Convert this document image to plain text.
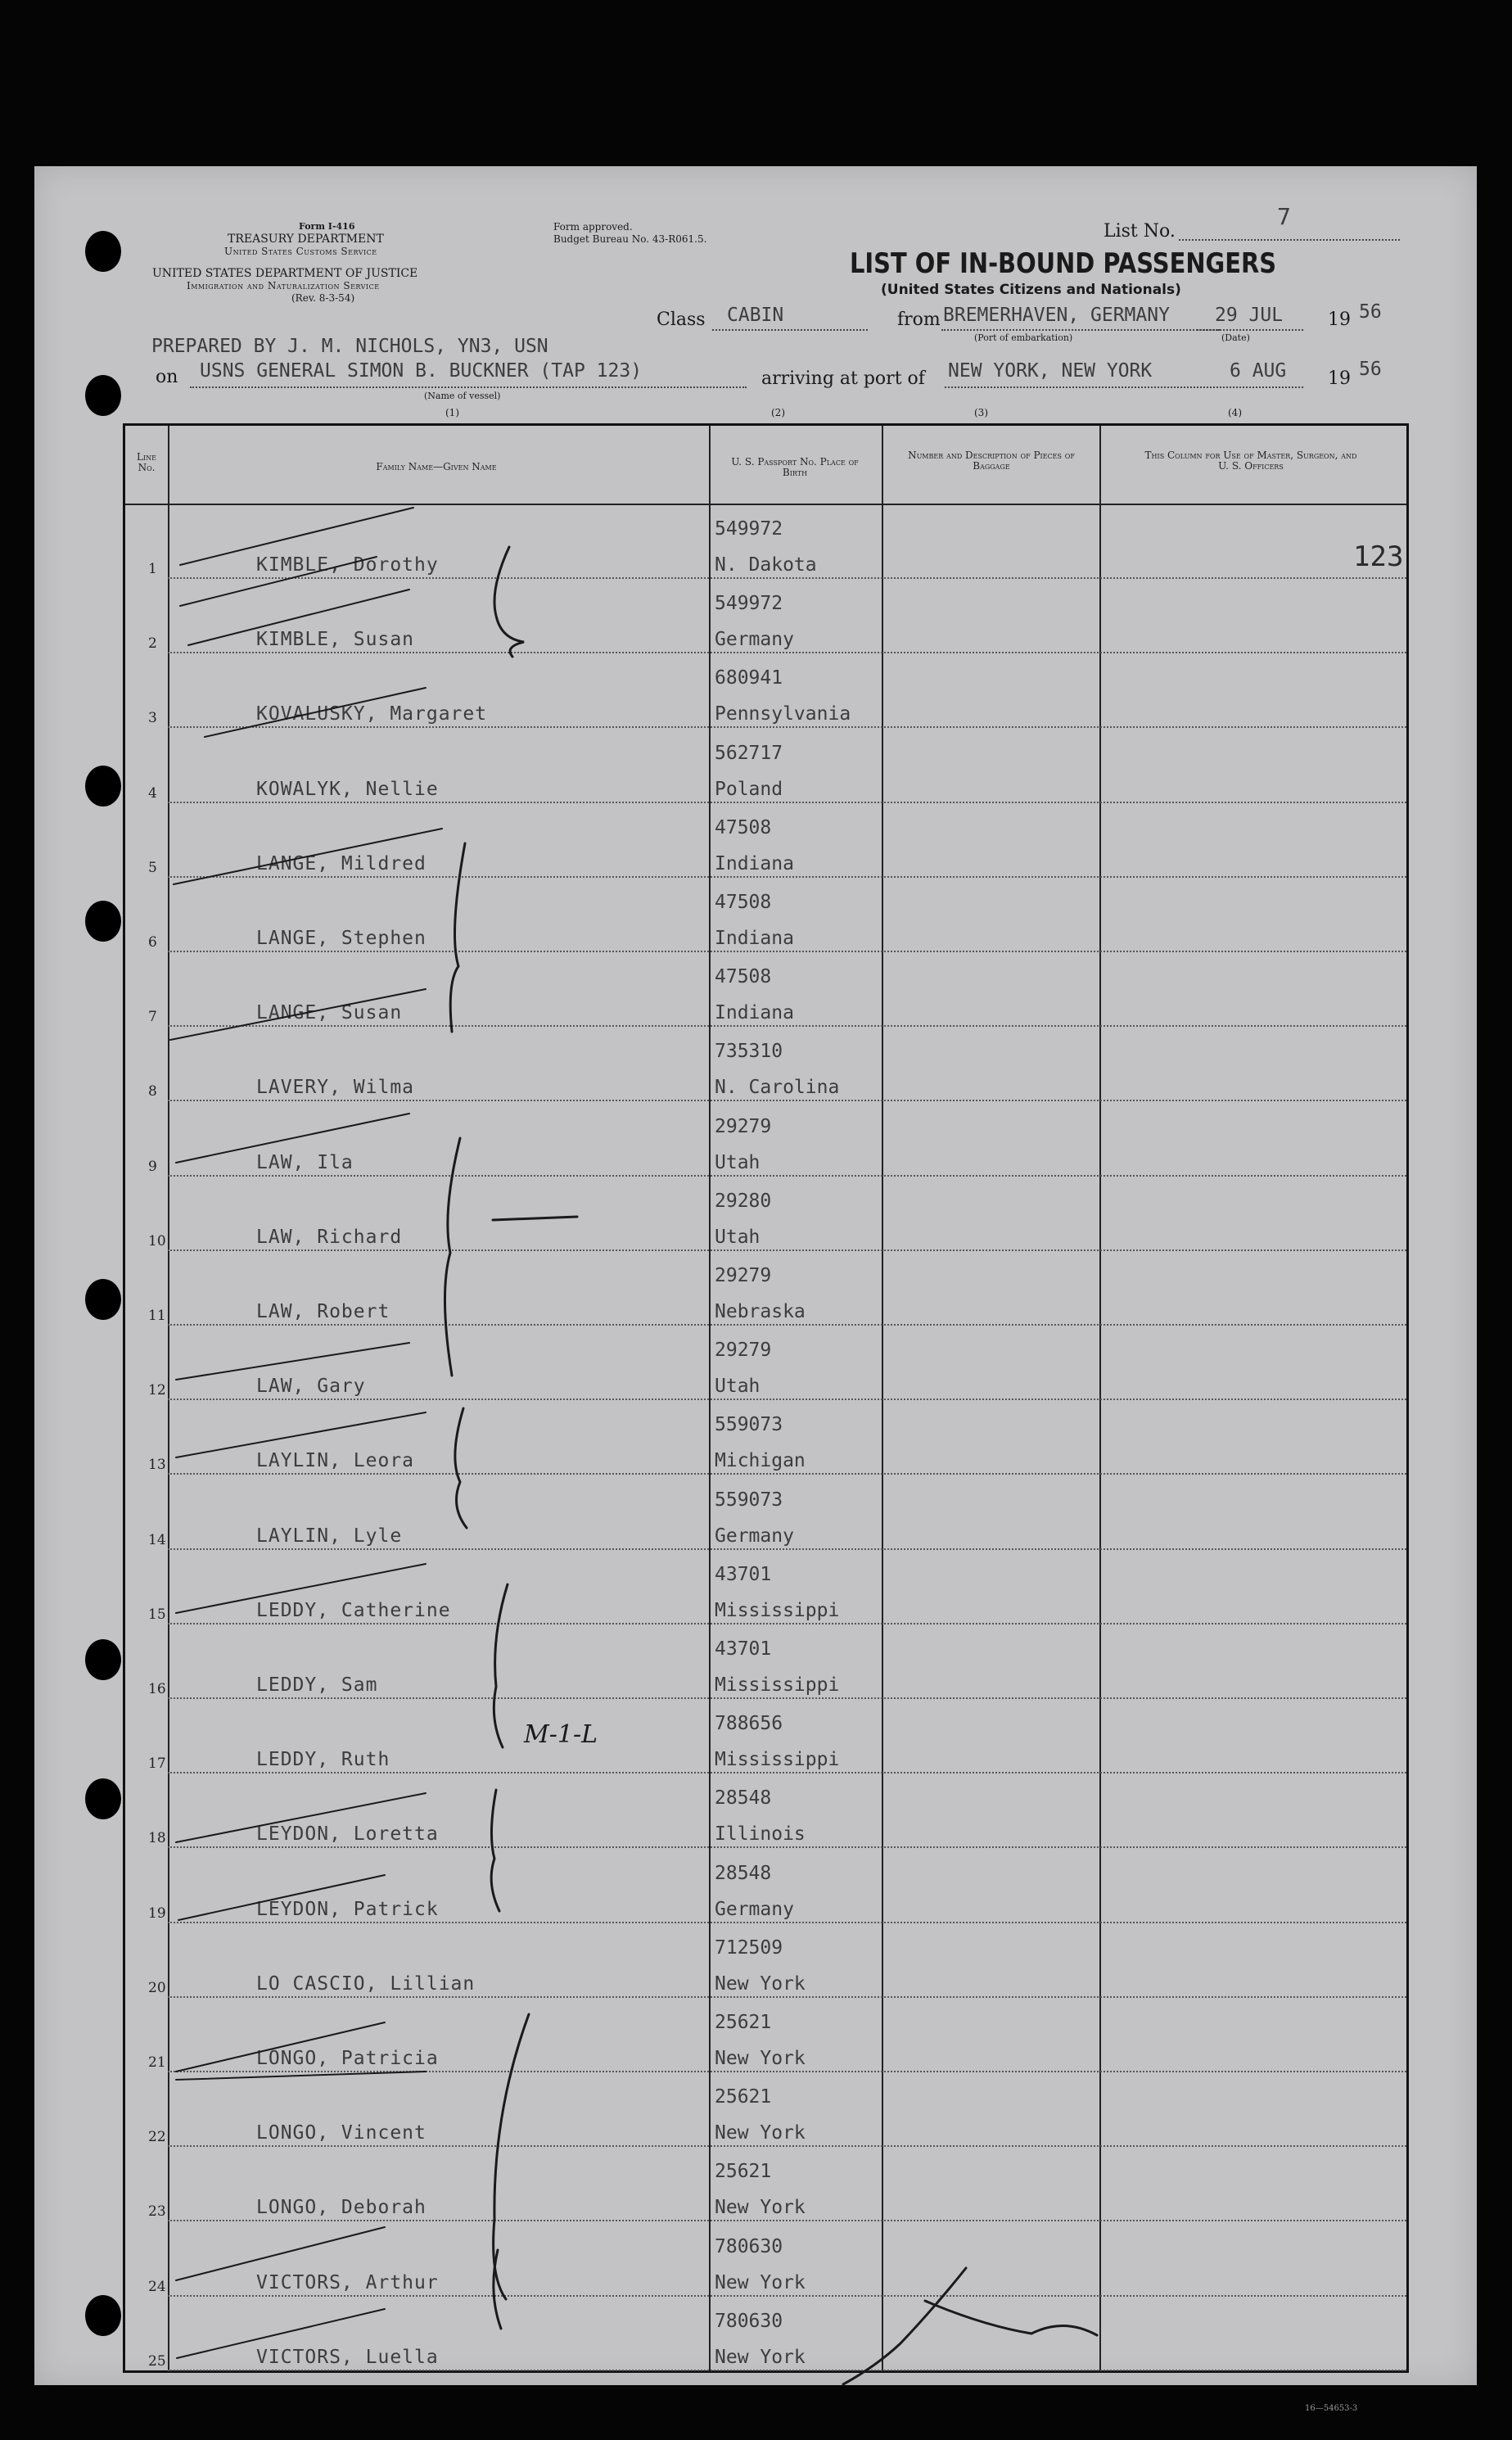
Form I-416
TREASURY DEPARTMENT
United States Customs Service
UNITED STATES DEPARTMENT OF JUSTICE
Immigration and Naturalization Service
(Rev. 8-3-54)
Form approved.
Budget Bureau No. 43-R061.5.	List No.
7
LIST OF IN-BOUND PASSENGERS
(United States Citizens and Nationals)
Class CABIN	from BREMERHAVEN, GERMANY 29 JUL 19 56
(Port of embarkation)	(Date)
PREPARED BY J. M. NICHOLS, YN3, USN
on USNS GENERAL SIMON B. BUCKNER (TAP 123)
(Name of vessel)
arriving at port of NEW YORK, NEW YORK	6 AUG 19 56
(1)	(2)	(3)	(4)
Line No.	Family Name—Given Name	U. S. Passport No. Place of Birth
Number and Description of Pieces of Baggage
This Column for Use of Master, Surgeon, and U. S. Officers
123
1	KIMBLE, Dorothy
549972
N. Dakota
2	KIMBLE, Susan
549972
Germany
3	KOVALUSKY, Margaret
680941
Pennsylvania
4	KOWALYK, Nellie
562717
Poland
5	LANGE, Mildred
47508
Indiana
6	LANGE, Stephen
47508
Indiana
7	LANGE, Susan
47508
Indiana
8	LAVERY, Wilma
735310
N. Carolina
9	LAW, Ila
29279
Utah
10	LAW, Richard
29280
Utah
11	LAW, Robert
29279
Nebraska
12	LAW, Gary
29279
Utah
13	LAYLIN, Leora
559073
Michigan
14	LAYLIN, Lyle
559073
Germany
15	LEDDY, Catherine
43701
Mississippi
16	LEDDY, Sam
43701
Mississippi
17	LEDDY, Ruth
788656
Mississippi
18	LEYDON, Loretta
28548
Illinois
19	LEYDON, Patrick
28548
Germany
20	LO CASCIO, Lillian
712509
New York
21	LONGO, Patricia
25621
New York
22	LONGO, Vincent
25621
New York
23	LONGO, Deborah
25621
New York
24	VICTORS, Arthur
780630
New York
25	VICTORS, Luella
780630
New York
M-1-L
16—54653-3
